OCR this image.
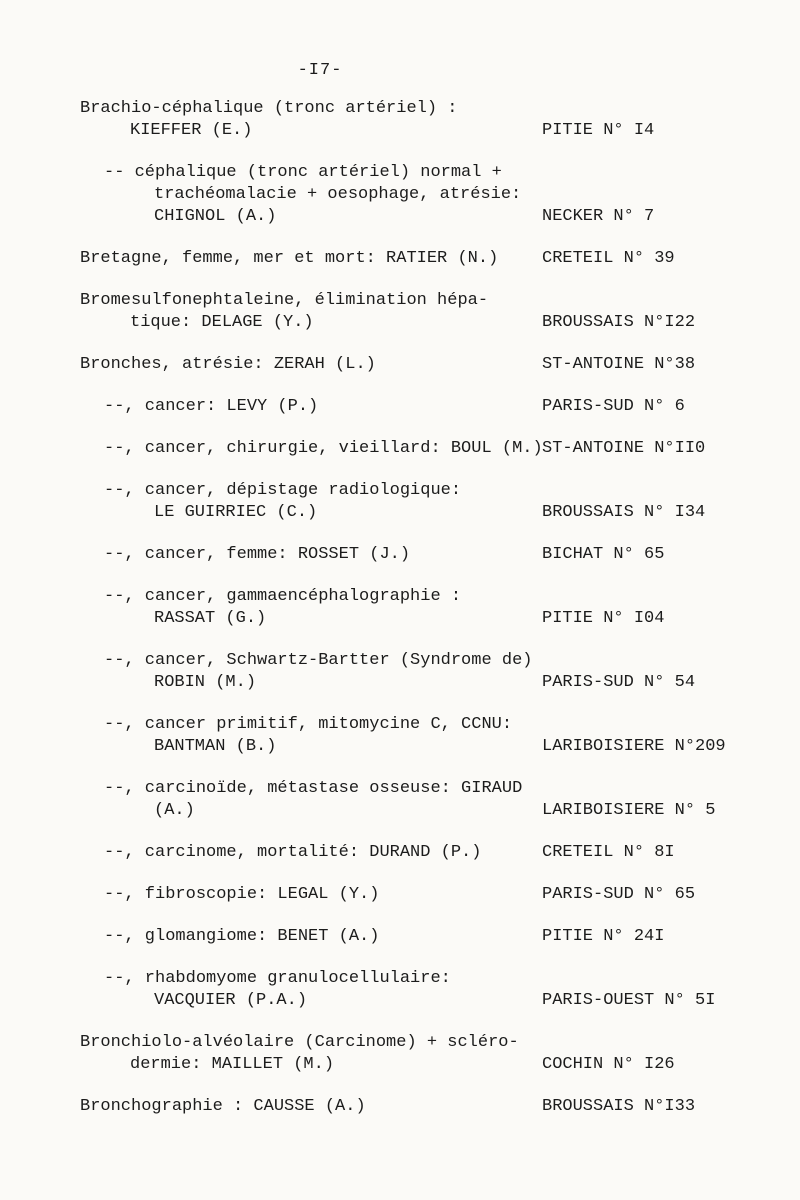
-I7-
Brachio-céphalique (tronc artériel) :
KIEFFER (E.)	PITIE N° I4
-- céphalique (tronc artériel) normal +
trachéomalacie + oesophage, atrésie:
CHIGNOL (A.)	NECKER N° 7
Bretagne, femme, mer et mort: RATIER (N.)	CRETEIL N° 39
Bromesulfonephtaleine, élimination hépa-
tique: DELAGE (Y.)	BROUSSAIS N°I22
Bronches, atrésie: ZERAH (L.)	ST-ANTOINE N°38
--, cancer: LEVY (P.)	PARIS-SUD N° 6
--, cancer, chirurgie, vieillard: BOUL (M.) ST-ANTOINE N°II0
--, cancer, dépistage radiologique:
LE GUIRRIEC (C.)	BROUSSAIS N° I34
--, cancer, femme: ROSSET (J.)	BICHAT N° 65
--, cancer, gammaencéphalographie :
RASSAT (G.)	PITIE N° I04
--, cancer, Schwartz-Bartter (Syndrome de)
ROBIN (M.)	PARIS-SUD N° 54
--, cancer primitif, mitomycine C, CCNU:
BANTMAN (B.)	LARIBOISIERE N°209
--, carcinoïde, métastase osseuse: GIRAUD
(A.)	LARIBOISIERE N° 5
--, carcinome, mortalité: DURAND (P.)	CRETEIL N° 8I
--, fibroscopie: LEGAL (Y.)	PARIS-SUD N° 65
--, glomangiome: BENET (A.)	PITIE N° 24I
--, rhabdomyome granulocellulaire:
VACQUIER (P.A.)	PARIS-OUEST N° 5I
Bronchiolo-alvéolaire (Carcinome) + scléro-
dermie: MAILLET (M.)	COCHIN N° I26
Bronchographie : CAUSSE (A.)	BROUSSAIS N°I33
